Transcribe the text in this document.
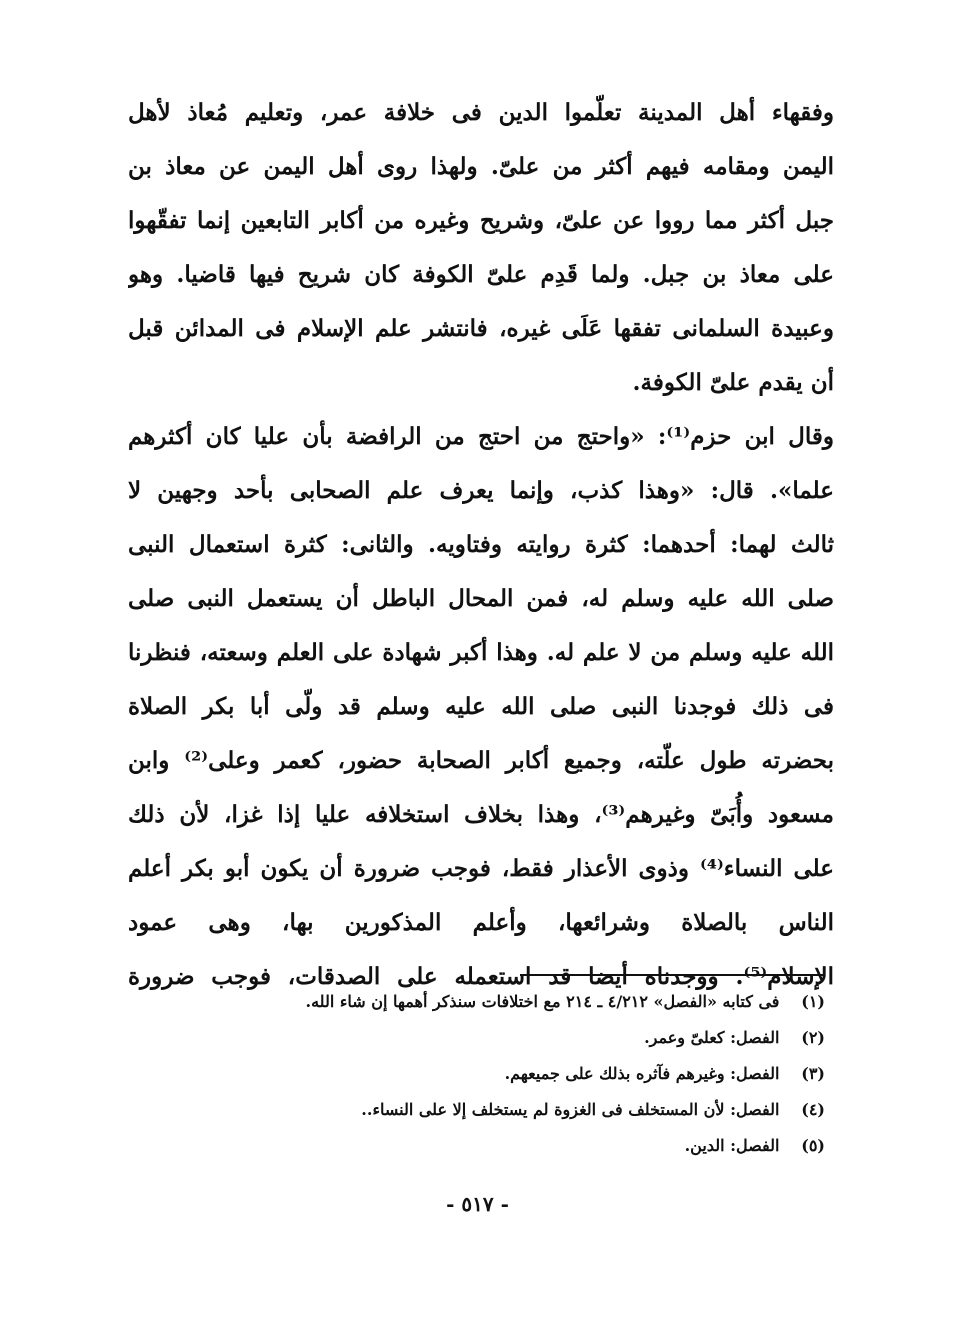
وفقهاء أهل المدينة تعلّموا الدين فى خلافة عمر، وتعليم مُعاذ لأهل
اليمن ومقامه فيهم أكثر من علىّ. ولهذا روى أهل اليمن عن معاذ بن
جبل أكثر مما رووا عن علىّ، وشريح وغيره من أكابر التابعين إنما تفقّهوا
على معاذ بن جبل. ولما قَدِم علىّ الكوفة كان شريح فيها قاضيا. وهو
وعبيدة السلمانى تفقها عَلَى غيره، فانتشر علم الإسلام فى المدائن قبل
أن يقدم علىّ الكوفة.
وقال ابن حزم⁽¹⁾: «واحتج من احتج من الرافضة بأن عليا كان أكثرهم
علما». قال: «وهذا كذب، وإنما يعرف علم الصحابى بأحد وجهين لا
ثالث لهما: أحدهما: كثرة روايته وفتاويه. والثانى: كثرة استعمال النبى
صلى الله عليه وسلم له، فمن المحال الباطل أن يستعمل النبى صلى
الله عليه وسلم من لا علم له. وهذا أكبر شهادة على العلم وسعته، فنظرنا
فى ذلك فوجدنا النبى صلى الله عليه وسلم قد ولّى أبا بكر الصلاة
بحضرته طول علّته، وجميع أكابر الصحابة حضور، كعمر وعلى⁽²⁾ وابن
مسعود وأُبَىّ وغيرهم⁽³⁾، وهذا بخلاف استخلافه عليا إذا غزا، لأن ذلك
على النساء⁽⁴⁾ وذوى الأعذار فقط، فوجب ضرورة أن يكون أبو بكر أعلم
الناس بالصلاة وشرائعها، وأعلم المذكورين بها، وهى عمود
الإسلام⁽⁵⁾. ووجدناه أيضا قد استعمله على الصدقات، فوجب ضرورة
(١) فى كتابه «الفصل» ٤/٢١٢ ـ ٢١٤ مع اختلافات سنذكر أهمها إن شاء الله.
(٢) الفصل: كعلىّ وعمر.
(٣) الفصل: وغيرهم فآثره بذلك على جميعهم.
(٤) الفصل: لأن المستخلف فى الغزوة لم يستخلف إلا على النساء..
(٥) الفصل: الدين.
- ٥١٧ -
